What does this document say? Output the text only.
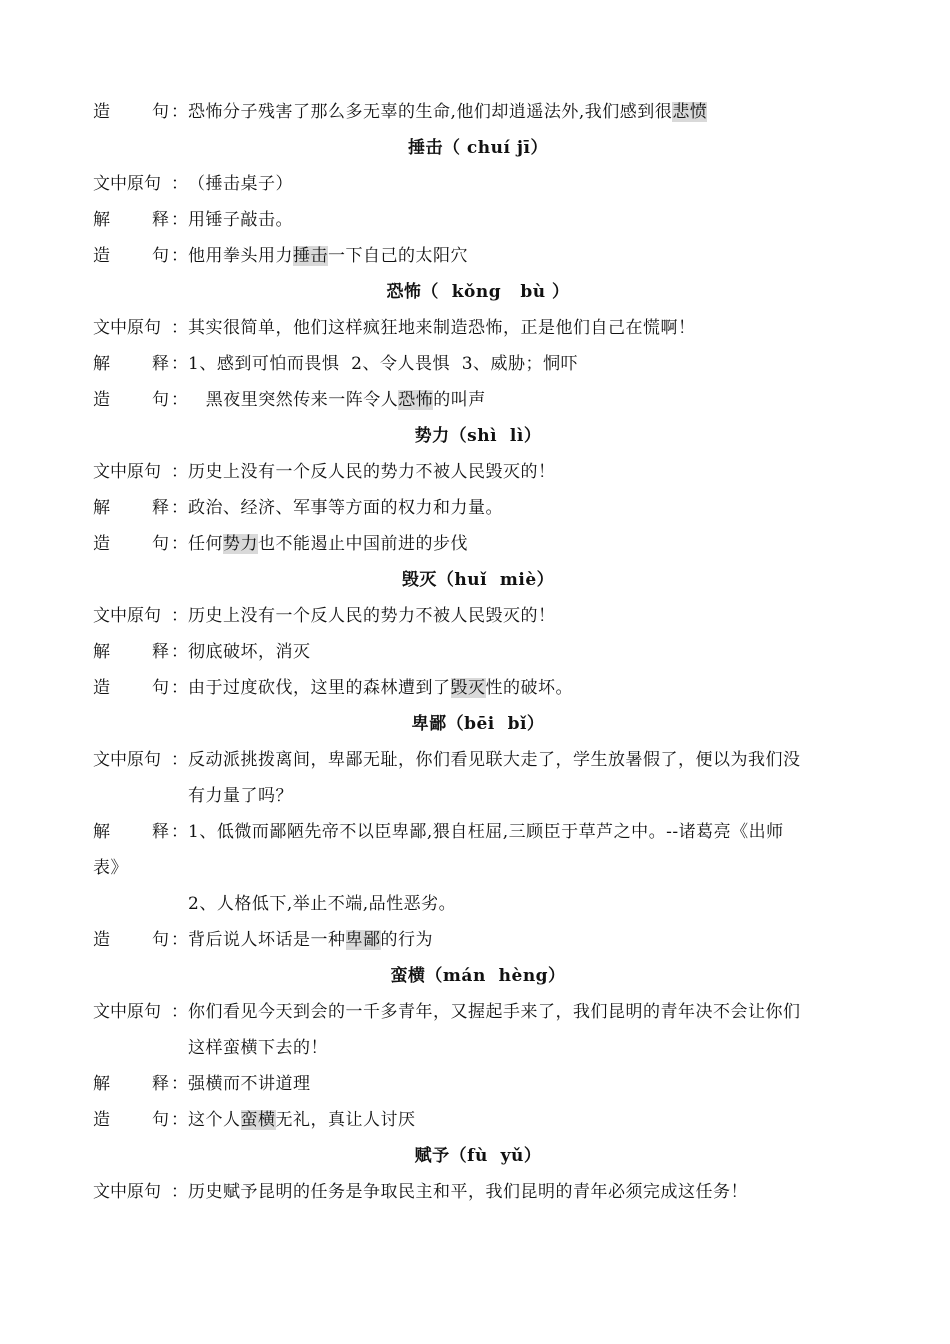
造 句 ： 恐怖分子残害了那么多无辜的生命,他们却逍遥法外,我们感到很悲愤
捶击（ chuí jī）
文中原句 ： （捶击桌子）
解 释 ： 用锤子敲击。
造 句 ： 他用拳头用力捶击一下自己的太阳穴
恐怖（  kǒng   bù ）
文中原句 ： 其实很简单，他们这样疯狂地来制造恐怖，正是他们自己在慌啊！
解 释 ： 1、感到可怕而畏惧  2、令人畏惧  3、威胁；恫吓
造 句 ： 黑夜里突然传来一阵令人恐怖的叫声
势力（shì  lì）
文中原句 ： 历史上没有一个反人民的势力不被人民毁灭的！
解 释 ： 政治、经济、军事等方面的权力和力量。
造 句 ： 任何势力也不能遏止中国前进的步伐
毁灭（huǐ  miè）
文中原句 ： 历史上没有一个反人民的势力不被人民毁灭的！
解 释 ： 彻底破坏，消灭
造 句 ： 由于过度砍伐，这里的森林遭到了毁灭性的破坏。
卑鄙（bēi  bǐ）
文中原句 ： 反动派挑拨离间，卑鄙无耻，你们看见联大走了，学生放暑假了，便以为我们没
有力量了吗？
解 释 ： 1、低微而鄙陋先帝不以臣卑鄙,猥自枉屈,三顾臣于草芦之中。--诸葛亮《出师
表》
2、人格低下,举止不端,品性恶劣。
造 句 ： 背后说人坏话是一种卑鄙的行为
蛮横（mán  hèng）
文中原句 ： 你们看见今天到会的一千多青年，又握起手来了，我们昆明的青年决不会让你们
这样蛮横下去的！
解 释 ： 强横而不讲道理
造 句 ： 这个人蛮横无礼，真让人讨厌
赋予（fù  yǔ）
文中原句 ： 历史赋予昆明的任务是争取民主和平，我们昆明的青年必须完成这任务！
